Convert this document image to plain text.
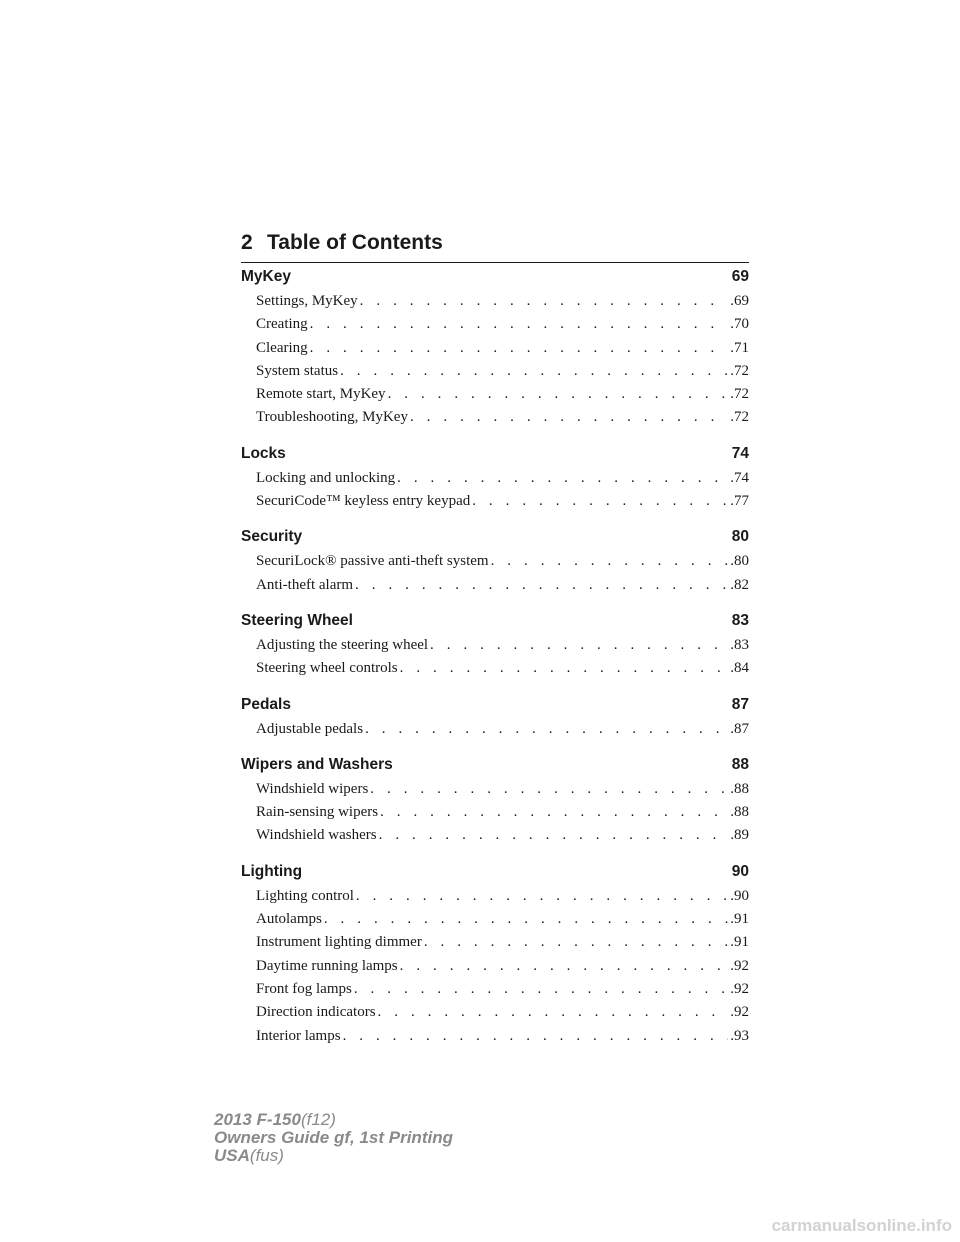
2 Table of Contents
MyKey	69
Settings, MyKey . . .	.69
Creating . . .	.70
Clearing . . .	.71
System status . . .	.72
Remote start, MyKey . . .	.72
Troubleshooting, MyKey . . .	.72
Locks	74
Locking and unlocking . . .	.74
SecuriCode™ keyless entry keypad . . .	.77
Security	80
SecuriLock® passive anti-theft system . . .	.80
Anti-theft alarm . . .	.82
Steering Wheel	83
Adjusting the steering wheel . . .	.83
Steering wheel controls . . .	.84
Pedals	87
Adjustable pedals . . .	.87
Wipers and Washers	88
Windshield wipers . . .	.88
Rain-sensing wipers . . .	.88
Windshield washers . . .	.89
Lighting	90
Lighting control . . .	.90
Autolamps . . .	.91
Instrument lighting dimmer . . .	.91
Daytime running lamps . . .	.92
Front fog lamps . . .	.92
Direction indicators . . .	.92
Interior lamps . . .	.93
2013 F-150(f12)
Owners Guide gf, 1st Printing
USA(fus)
carmanualsonline.info
